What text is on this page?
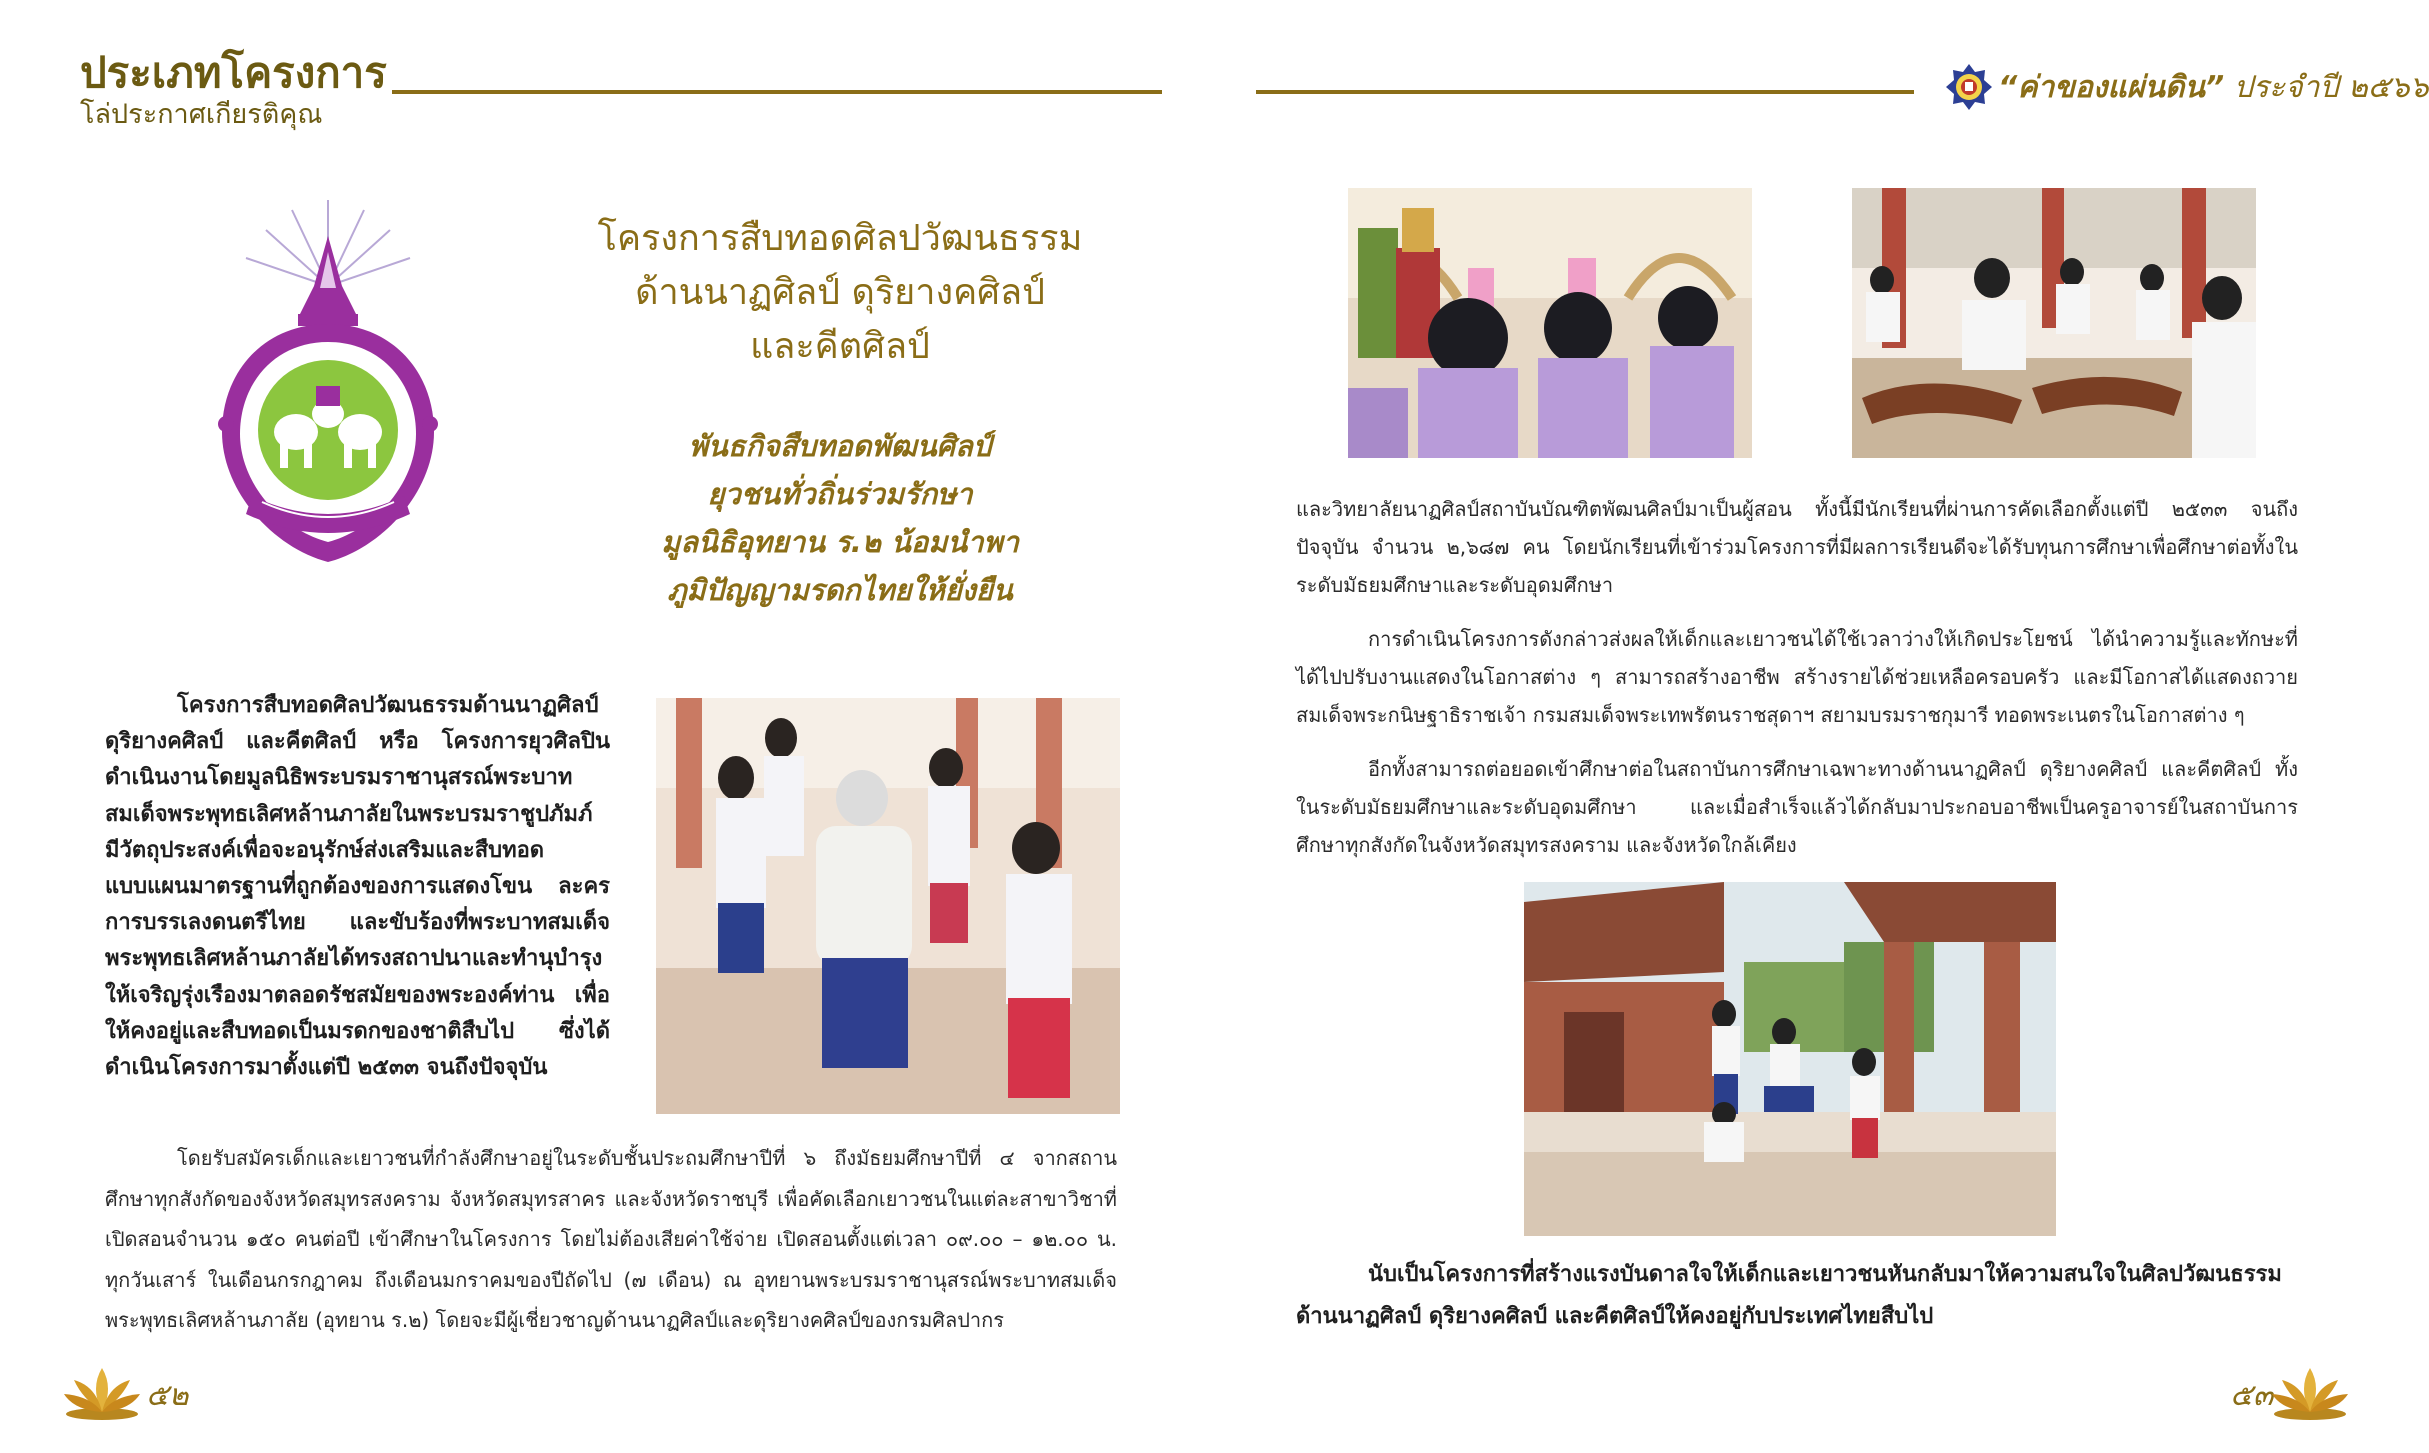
ประเภทโครงการ
โล่ประกาศเกียรติคุณ
“ค่าของแผ่นดิน” ประจำปี ๒๕๖๖
โครงการสืบทอดศิลปวัฒนธรรม
ด้านนาฏศิลป์ ดุริยางคศิลป์
และคีตศิลป์
พันธกิจสืบทอดพัฒนศิลป์
ยุวชนทั่วถิ่นร่วมรักษา
มูลนิธิอุทยาน ร.๒ น้อมนำพา
ภูมิปัญญามรดกไทยให้ยั่งยืน

โครงการสืบทอดศิลปวัฒนธรรมด้านนาฏศิลป์ ดุริยางคศิลป์ และคีตศิลป์ หรือ โครงการยุวศิลปินดำเนินงานโดยมูลนิธิพระบรมราชานุสรณ์พระบาทสมเด็จพระพุทธเลิศหล้านภาลัยในพระบรมราชูปภัมภ์ มีวัตถุประสงค์เพื่อจะอนุรักษ์ส่งเสริมและสืบทอดแบบแผนมาตรฐานที่ถูกต้องของการแสดงโขน ละคร การบรรเลงดนตรีไทย และขับร้องที่พระบาทสมเด็จพระพุทธเลิศหล้านภาลัยได้ทรงสถาปนาและทำนุบำรุงให้เจริญรุ่งเรืองมาตลอดรัชสมัยของพระองค์ท่าน เพื่อให้คงอยู่และสืบทอดเป็นมรดกของชาติสืบไป ซึ่งได้ดำเนินโครงการมาตั้งแต่ปี ๒๕๓๓ จนถึงปัจจุบัน

โดยรับสมัครเด็กและเยาวชนที่กำลังศึกษาอยู่ในระดับชั้นประถมศึกษาปีที่ ๖ ถึงมัธยมศึกษาปีที่ ๔ จากสถานศึกษาทุกสังกัดของจังหวัดสมุทรสงคราม จังหวัดสมุทรสาคร และจังหวัดราชบุรี เพื่อคัดเลือกเยาวชนในแต่ละสาขาวิชาที่เปิดสอนจำนวน ๑๕๐ คนต่อปี เข้าศึกษาในโครงการ โดยไม่ต้องเสียค่าใช้จ่าย เปิดสอนตั้งแต่เวลา ๐๙.๐๐ – ๑๒.๐๐ น. ทุกวันเสาร์ ในเดือนกรกฎาคม ถึงเดือนมกราคมของปีถัดไป (๗ เดือน) ณ อุทยานพระบรมราชานุสรณ์พระบาทสมเด็จพระพุทธเลิศหล้านภาลัย (อุทยาน ร.๒) โดยจะมีผู้เชี่ยวชาญด้านนาฏศิลป์และดุริยางคศิลป์ของกรมศิลปากร

และวิทยาลัยนาฏศิลป์สถาบันบัณฑิตพัฒนศิลป์มาเป็นผู้สอน ทั้งนี้มีนักเรียนที่ผ่านการคัดเลือกตั้งแต่ปี ๒๕๓๓ จนถึงปัจจุบัน จำนวน ๒,๖๘๗ คน โดยนักเรียนที่เข้าร่วมโครงการที่มีผลการเรียนดีจะได้รับทุนการศึกษาเพื่อศึกษาต่อทั้งในระดับมัธยมศึกษาและระดับอุดมศึกษา

การดำเนินโครงการดังกล่าวส่งผลให้เด็กและเยาวชนได้ใช้เวลาว่างให้เกิดประโยชน์ ได้นำความรู้และทักษะที่ได้ไปปรับงานแสดงในโอกาสต่าง ๆ สามารถสร้างอาชีพ สร้างรายได้ช่วยเหลือครอบครัว และมีโอกาสได้แสดงถวายสมเด็จพระกนิษฐาธิราชเจ้า กรมสมเด็จพระเทพรัตนราชสุดาฯ สยามบรมราชกุมารี ทอดพระเนตรในโอกาสต่าง ๆ

อีกทั้งสามารถต่อยอดเข้าศึกษาต่อในสถาบันการศึกษาเฉพาะทางด้านนาฏศิลป์ ดุริยางคศิลป์ และคีตศิลป์ ทั้งในระดับมัธยมศึกษาและระดับอุดมศึกษา และเมื่อสำเร็จแล้วได้กลับมาประกอบอาชีพเป็นครูอาจารย์ในสถาบันการศึกษาทุกสังกัดในจังหวัดสมุทรสงคราม และจังหวัดใกล้เคียง

นับเป็นโครงการที่สร้างแรงบันดาลใจให้เด็กและเยาวชนหันกลับมาให้ความสนใจในศิลปวัฒนธรรมด้านนาฏศิลป์ ดุริยางคศิลป์ และคีตศิลป์ให้คงอยู่กับประเทศไทยสืบไป

๕๒	๕๓
